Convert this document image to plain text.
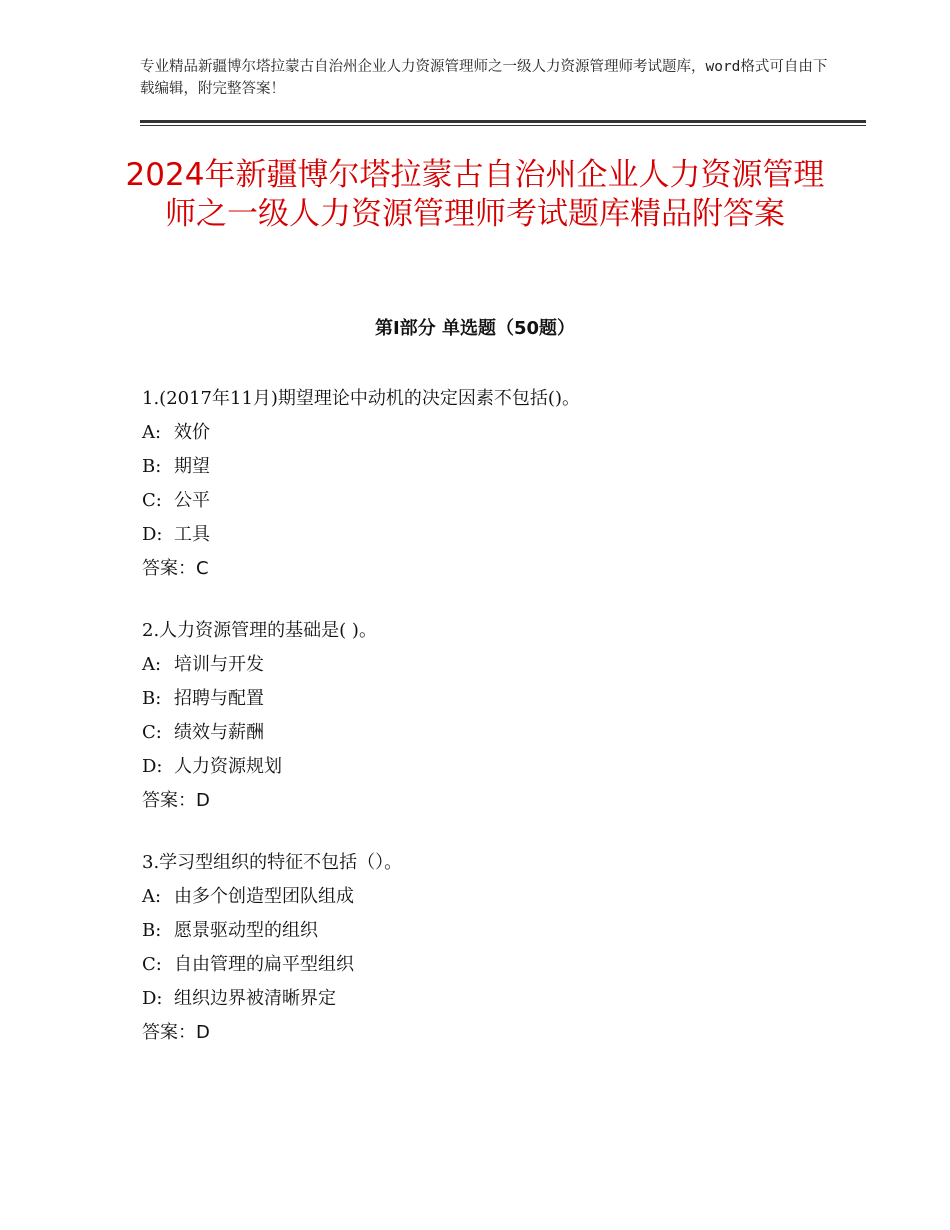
专业精品新疆博尔塔拉蒙古自治州企业人力资源管理师之一级人力资源管理师考试题库，word格式可自由下载编辑，附完整答案！
2024年新疆博尔塔拉蒙古自治州企业人力资源管理师之一级人力资源管理师考试题库精品附答案
第Ⅰ部分 单选题（50题）
1.(2017年11月)期望理论中动机的决定因素不包括()。
A: 效价
B: 期望
C: 公平
D: 工具
答案：C
2.人力资源管理的基础是( )。
A: 培训与开发
B: 招聘与配置
C: 绩效与薪酬
D: 人力资源规划
答案：D
3.学习型组织的特征不包括（）。
A: 由多个创造型团队组成
B: 愿景驱动型的组织
C: 自由管理的扁平型组织
D: 组织边界被清晰界定
答案：D
